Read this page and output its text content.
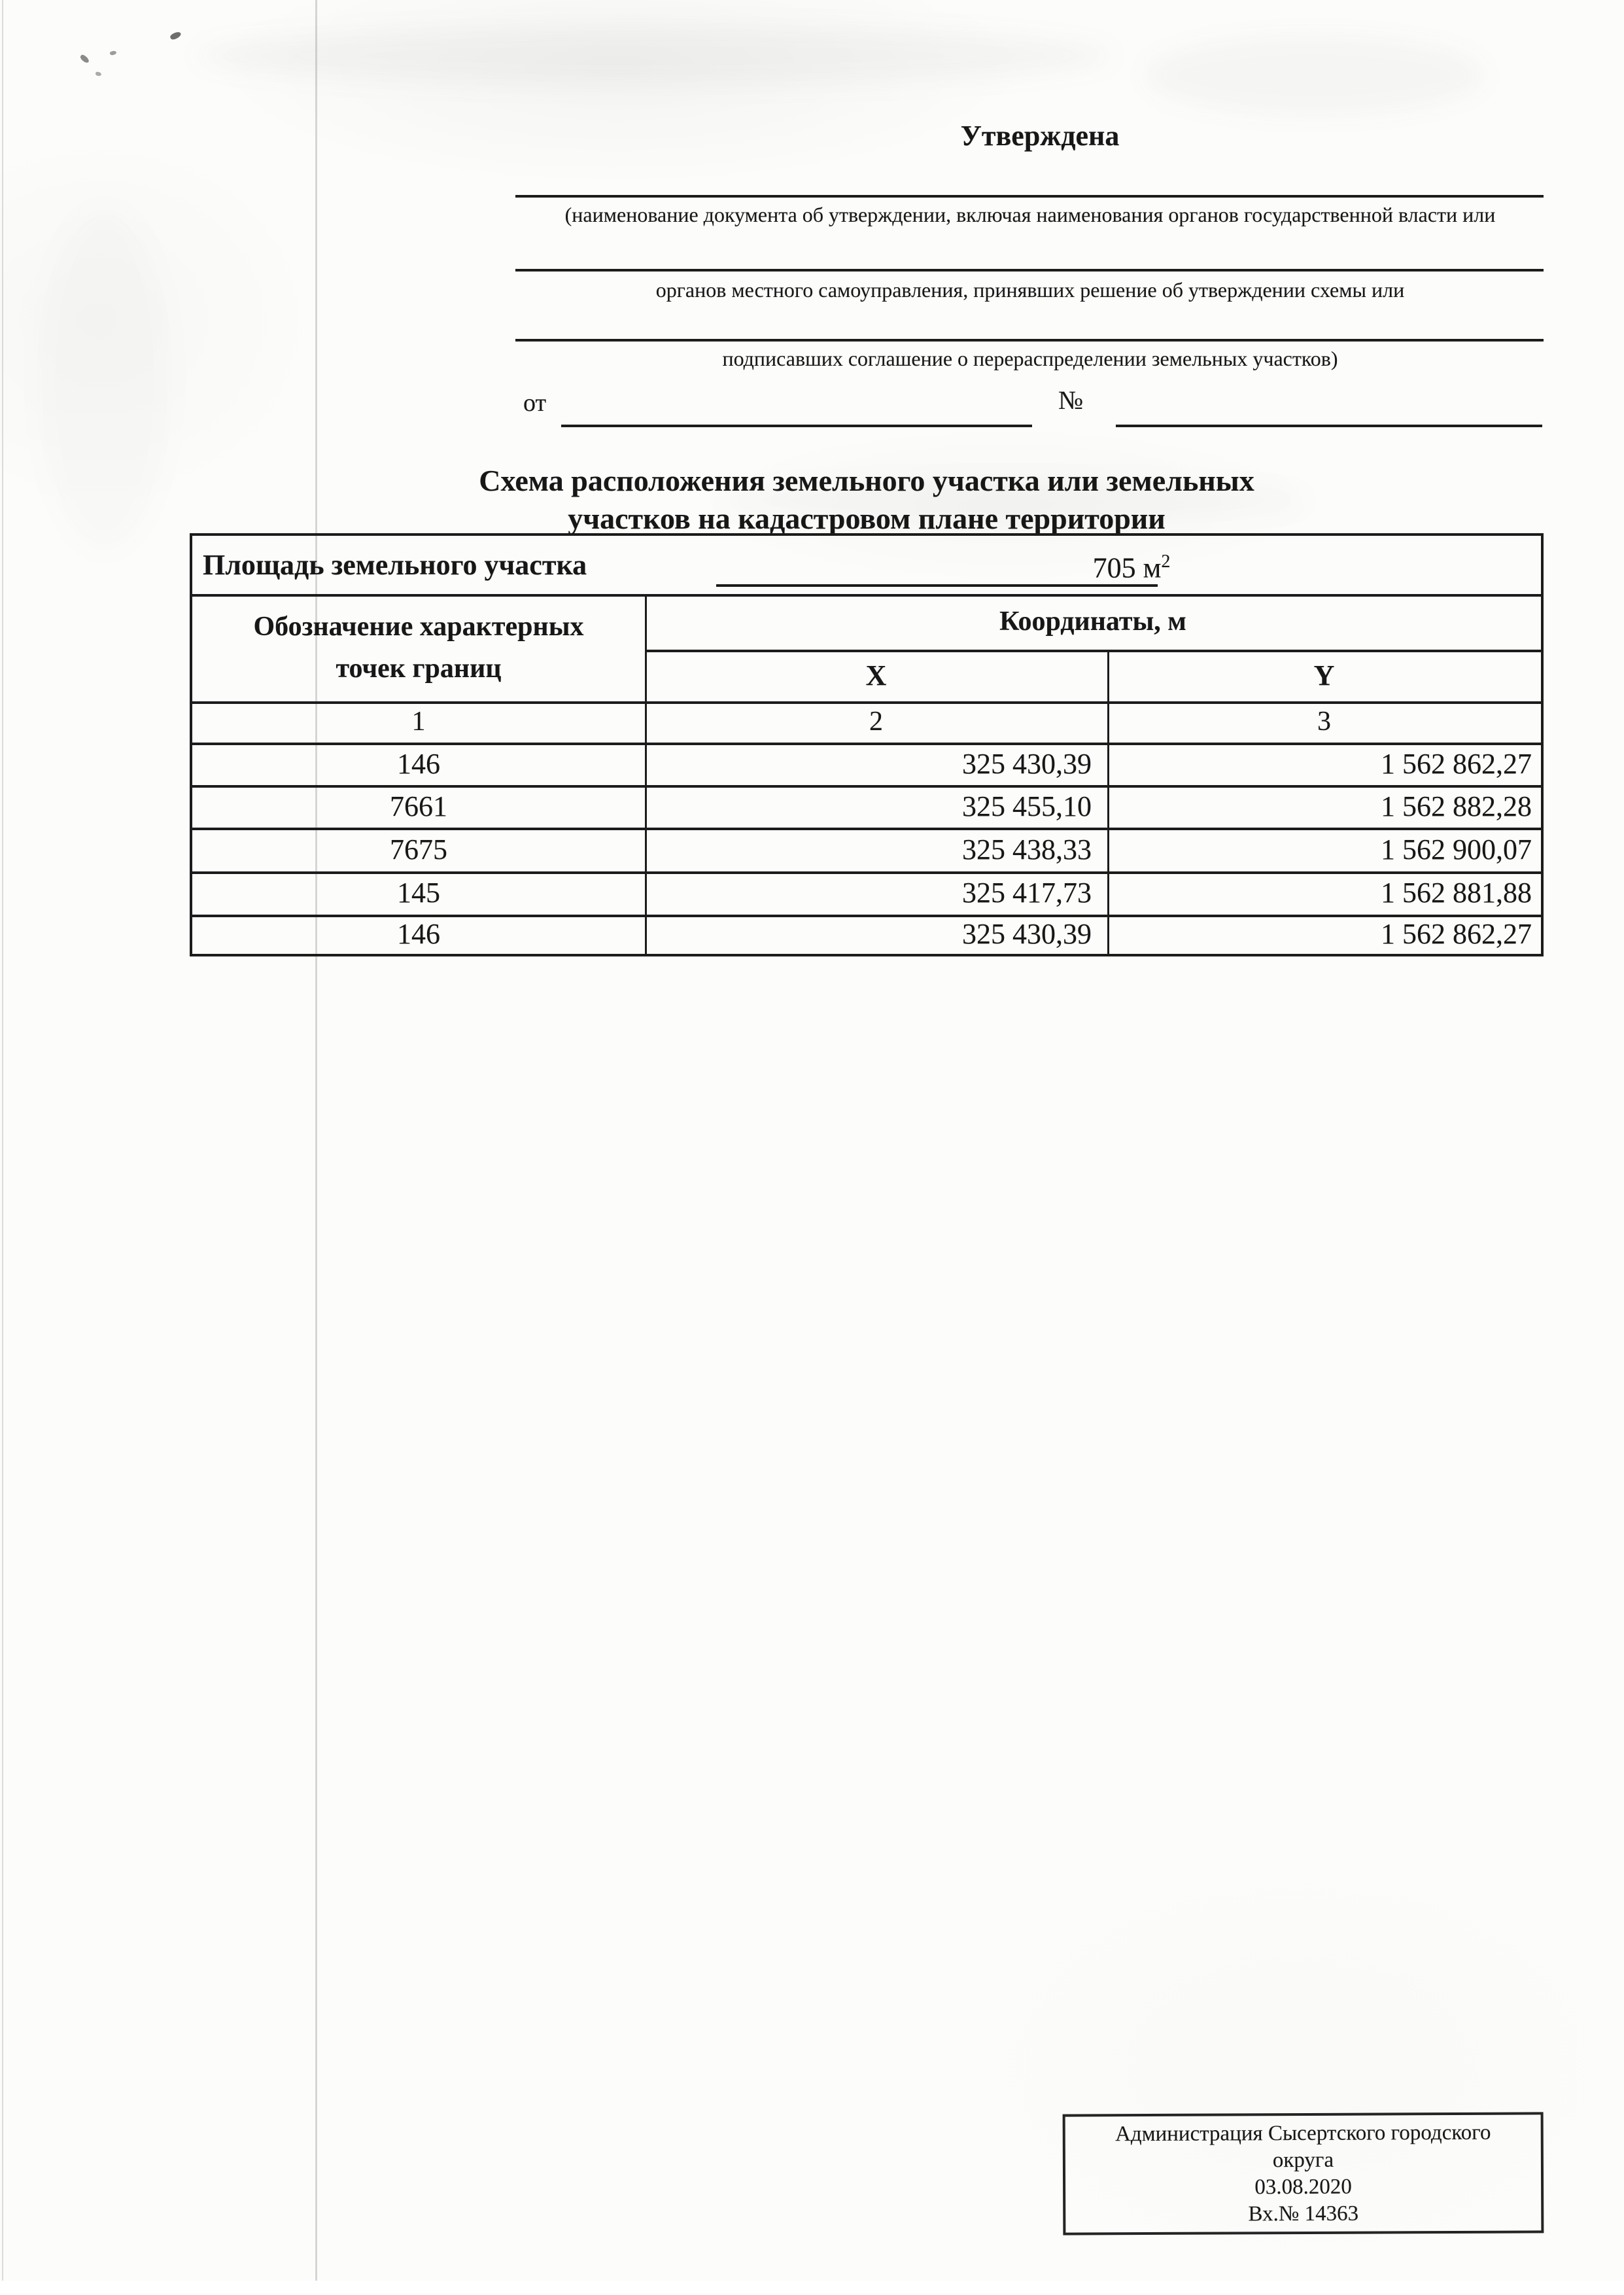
Утверждена
(наименование документа об утверждении, включая наименования органов государственной власти или
органов местного самоуправления, принявших решение об утверждении схемы или
подписавших соглашение о перераспределении земельных участков)
от	№
Схема расположения земельного участка или земельных
участков на кадастровом плане территории
Площадь земельного участка	705 $м^2$
Обозначение характерных
точек границ
Координаты, м
X	Y
1	2	3
146	325 430,39	1 562 862,27
7661	325 455,10	1 562 882,28
7675	325 438,33	1 562 900,07
145	325 417,73	1 562 881,88
146	325 430,39	1 562 862,27
Администрация Сысертского городского
округа
03.08.2020
Вх.№ 14363
